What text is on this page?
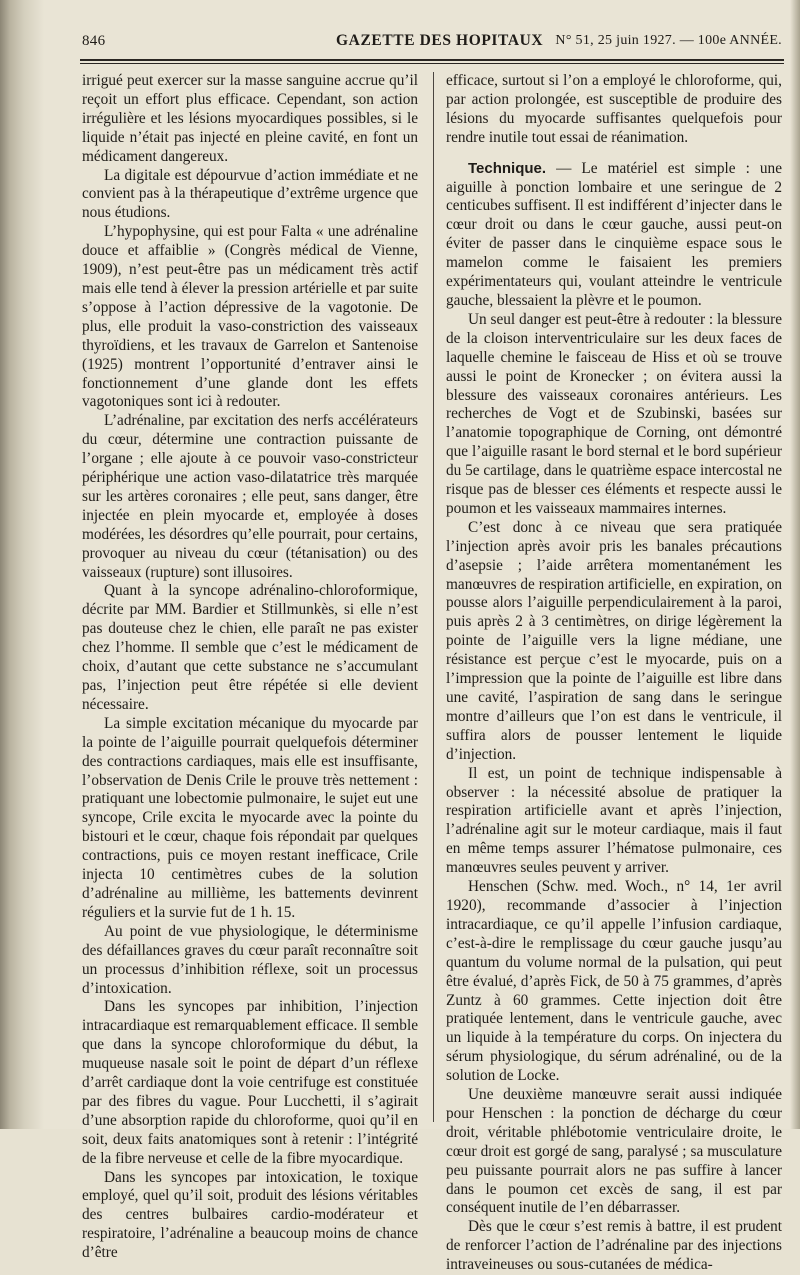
846	GAZETTE DES HOPITAUX N° 51, 25 juin 1927. — 100e ANNÉE.

irrigué peut exercer sur la masse sanguine accrue qu’il reçoit un effort plus efficace. Cependant, son action irrégulière et les lésions myocardiques possibles, si le liquide n’était pas injecté en pleine cavité, en font un médicament dangereux.

La digitale est dépourvue d’action immédiate et ne convient pas à la thérapeutique d’extrême urgence que nous étudions.

L’hypophysine, qui est pour Falta « une adrénaline douce et affaiblie » (Congrès médical de Vienne, 1909), n’est peut-être pas un médicament très actif mais elle tend à élever la pression artérielle et par suite s’oppose à l’action dépressive de la vagotonie. De plus, elle produit la vaso-constriction des vaisseaux thyroïdiens, et les travaux de Garrelon et Santenoise (1925) montrent l’opportunité d’entraver ainsi le fonctionnement d’une glande dont les effets vagotoniques sont ici à redouter.

L’adrénaline, par excitation des nerfs accélérateurs du cœur, détermine une contraction puissante de l’organe ; elle ajoute à ce pouvoir vaso-constricteur périphérique une action vaso-dilatatrice très marquée sur les artères coronaires ; elle peut, sans danger, être injectée en plein myocarde et, employée à doses modérées, les désordres qu’elle pourrait, pour certains, provoquer au niveau du cœur (tétanisation) ou des vaisseaux (rupture) sont illusoires.

Quant à la syncope adrénalino-chloroformique, décrite par MM. Bardier et Stillmunkès, si elle n’est pas douteuse chez le chien, elle paraît ne pas exister chez l’homme. Il semble que c’est le médicament de choix, d’autant que cette substance ne s’accumulant pas, l’injection peut être répétée si elle devient nécessaire.

La simple excitation mécanique du myocarde par la pointe de l’aiguille pourrait quelquefois déterminer des contractions cardiaques, mais elle est insuffisante, l’observation de Denis Crile le prouve très nettement : pratiquant une lobectomie pulmonaire, le sujet eut une syncope, Crile excita le myocarde avec la pointe du bistouri et le cœur, chaque fois répondait par quelques contractions, puis ce moyen restant inefficace, Crile injecta 10 centimètres cubes de la solution d’adrénaline au millième, les battements devinrent réguliers et la survie fut de 1 h. 15.

Au point de vue physiologique, le déterminisme des défaillances graves du cœur paraît reconnaître soit un processus d’inhibition réflexe, soit un processus d’intoxication.

Dans les syncopes par inhibition, l’injection intracardiaque est remarquablement efficace. Il semble que dans la syncope chloroformique du début, la muqueuse nasale soit le point de départ d’un réflexe d’arrêt cardiaque dont la voie centrifuge est constituée par des fibres du vague. Pour Lucchetti, il s’agirait d’une absorption rapide du chloroforme, quoi qu’il en soit, deux faits anatomiques sont à retenir : l’intégrité de la fibre nerveuse et celle de la fibre myocardique.

Dans les syncopes par intoxication, le toxique employé, quel qu’il soit, produit des lésions véritables des centres bulbaires cardio-modérateur et respiratoire, l’adrénaline a beaucoup moins de chance d’être

efficace, surtout si l’on a employé le chloroforme, qui, par action prolongée, est susceptible de produire des lésions du myocarde suffisantes quelquefois pour rendre inutile tout essai de réanimation.

Technique. — Le matériel est simple : une aiguille à ponction lombaire et une seringue de 2 centicubes suffisent. Il est indifférent d’injecter dans le cœur droit ou dans le cœur gauche, aussi peut-on éviter de passer dans le cinquième espace sous le mamelon comme le faisaient les premiers expérimentateurs qui, voulant atteindre le ventricule gauche, blessaient la plèvre et le poumon.

Un seul danger est peut-être à redouter : la blessure de la cloison interventriculaire sur les deux faces de laquelle chemine le faisceau de Hiss et où se trouve aussi le point de Kronecker ; on évitera aussi la blessure des vaisseaux coronaires antérieurs. Les recherches de Vogt et de Szubinski, basées sur l’anatomie topographique de Corning, ont démontré que l’aiguille rasant le bord sternal et le bord supérieur du 5e cartilage, dans le quatrième espace intercostal ne risque pas de blesser ces éléments et respecte aussi le poumon et les vaisseaux mammaires internes.

C’est donc à ce niveau que sera pratiquée l’injection après avoir pris les banales précautions d’asepsie ; l’aide arrêtera momentanément les manœuvres de respiration artificielle, en expiration, on pousse alors l’aiguille perpendiculairement à la paroi, puis après 2 à 3 centimètres, on dirige légèrement la pointe de l’aiguille vers la ligne médiane, une résistance est perçue c’est le myocarde, puis on a l’impression que la pointe de l’aiguille est libre dans une cavité, l’aspiration de sang dans le seringue montre d’ailleurs que l’on est dans le ventricule, il suffira alors de pousser lentement le liquide d’injection.

Il est, un point de technique indispensable à observer : la nécessité absolue de pratiquer la respiration artificielle avant et après l’injection, l’adrénaline agit sur le moteur cardiaque, mais il faut en même temps assurer l’hématose pulmonaire, ces manœuvres seules peuvent y arriver.

Henschen (Schw. med. Woch., n° 14, 1er avril 1920), recommande d’associer à l’injection intracardiaque, ce qu’il appelle l’infusion cardiaque, c’est-à-dire le remplissage du cœur gauche jusqu’au quantum du volume normal de la pulsation, qui peut être évalué, d’après Fick, de 50 à 75 grammes, d’après Zuntz à 60 grammes. Cette injection doit être pratiquée lentement, dans le ventricule gauche, avec un liquide à la température du corps. On injectera du sérum physiologique, du sérum adrénaliné, ou de la solution de Locke.

Une deuxième manœuvre serait aussi indiquée pour Henschen : la ponction de décharge du cœur droit, véritable phlébotomie ventriculaire droite, le cœur droit est gorgé de sang, paralysé ; sa musculature peu puissante pourrait alors ne pas suffire à lancer dans le poumon cet excès de sang, il est par conséquent inutile de l’en débarrasser.

Dès que le cœur s’est remis à battre, il est prudent de renforcer l’action de l’adrénaline par des injections intraveineuses ou sous-cutanées de médica-
